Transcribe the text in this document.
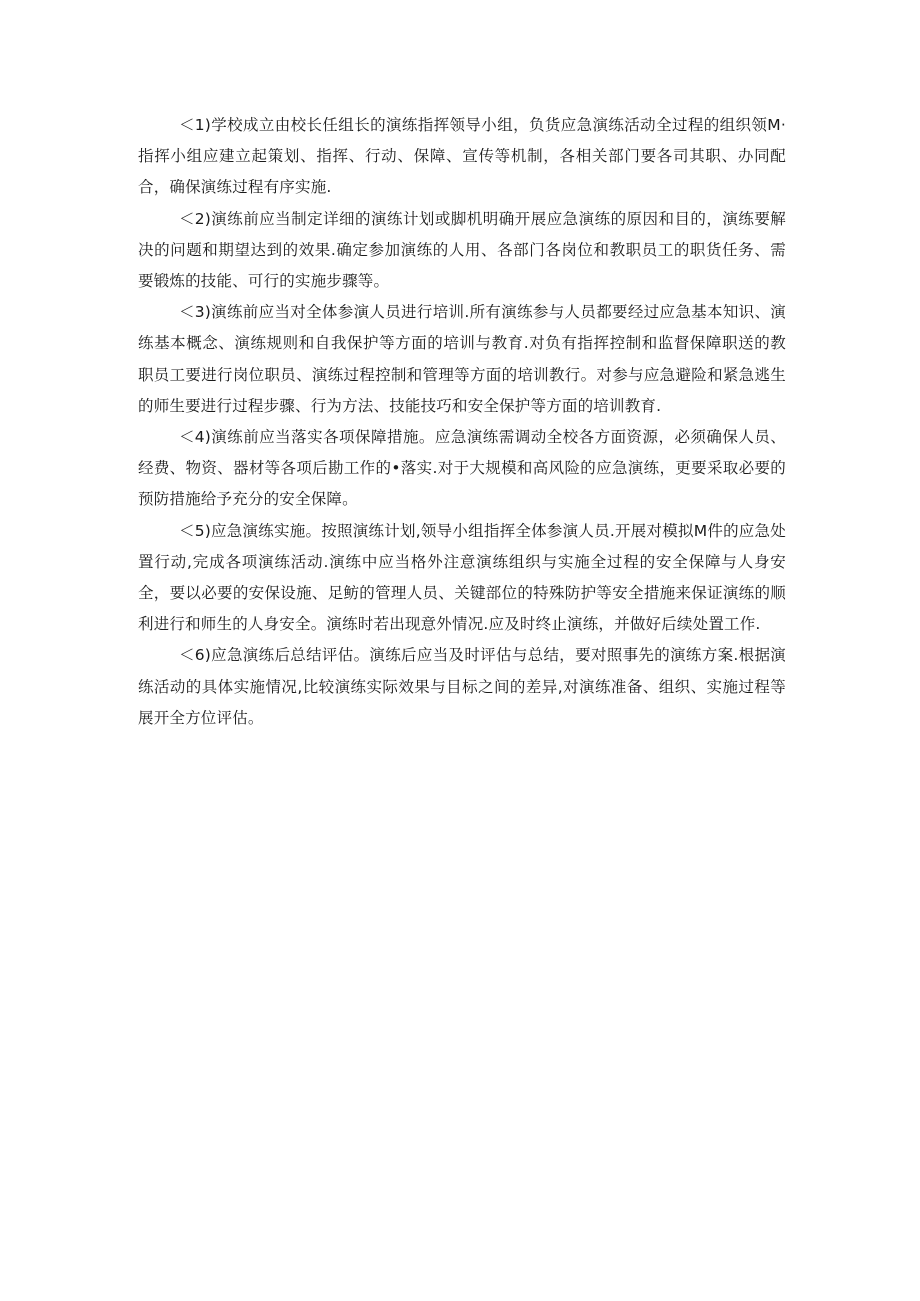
＜1)学校成立由校长任组长的演练指挥领导小组，负货应急演练活动全过程的组织领M·指挥小组应建立起策划、指挥、行动、保障、宣传等机制，各相关部门要各司其职、办同配合，确保演练过程有序实施.

＜2)演练前应当制定详细的演练计划或脚机明确开展应急演练的原因和目的，演练要解决的问题和期望达到的效果.确定参加演练的人用、各部门各岗位和教职员工的职货任务、需要锻炼的技能、可行的实施步骤等。

＜3)演练前应当对全体参演人员进行培训.所有演练参与人员都要经过应急基本知识、演练基本概念、演练规则和自我保护等方面的培训与教育.对负有指挥控制和监督保障职送的教职员工要进行岗位职员、演练过程控制和管理等方面的培训教行。对参与应急避险和紧急逃生的师生要进行过程步骤、行为方法、技能技巧和安全保护等方面的培训教育.

＜4)演练前应当落实各项保障措施。应急演练需调动全校各方面资源，必须确保人员、经费、物资、器材等各项后勘工作的•落实.对于大规模和高风险的应急演练，更要采取必要的预防措施给予充分的安全保障。

＜5)应急演练实施。按照演练计划,领导小组指挥全体参演人员.开展对模拟M件的应急处置行动,完成各项演练活动.演练中应当格外注意演练组织与实施全过程的安全保障与人身安全，要以必要的安保设施、足鲂的管理人员、关键部位的特殊防护等安全措施来保证演练的顺利进行和师生的人身安全。演练时若出现意外情况.应及时终止演练，并做好后续处置工作.

＜6)应急演练后总结评估。演练后应当及时评估与总结，要对照事先的演练方案.根据演练活动的具体实施情况,比较演练实际效果与目标之间的差异,对演练准备、组织、实施过程等展开全方位评估。
